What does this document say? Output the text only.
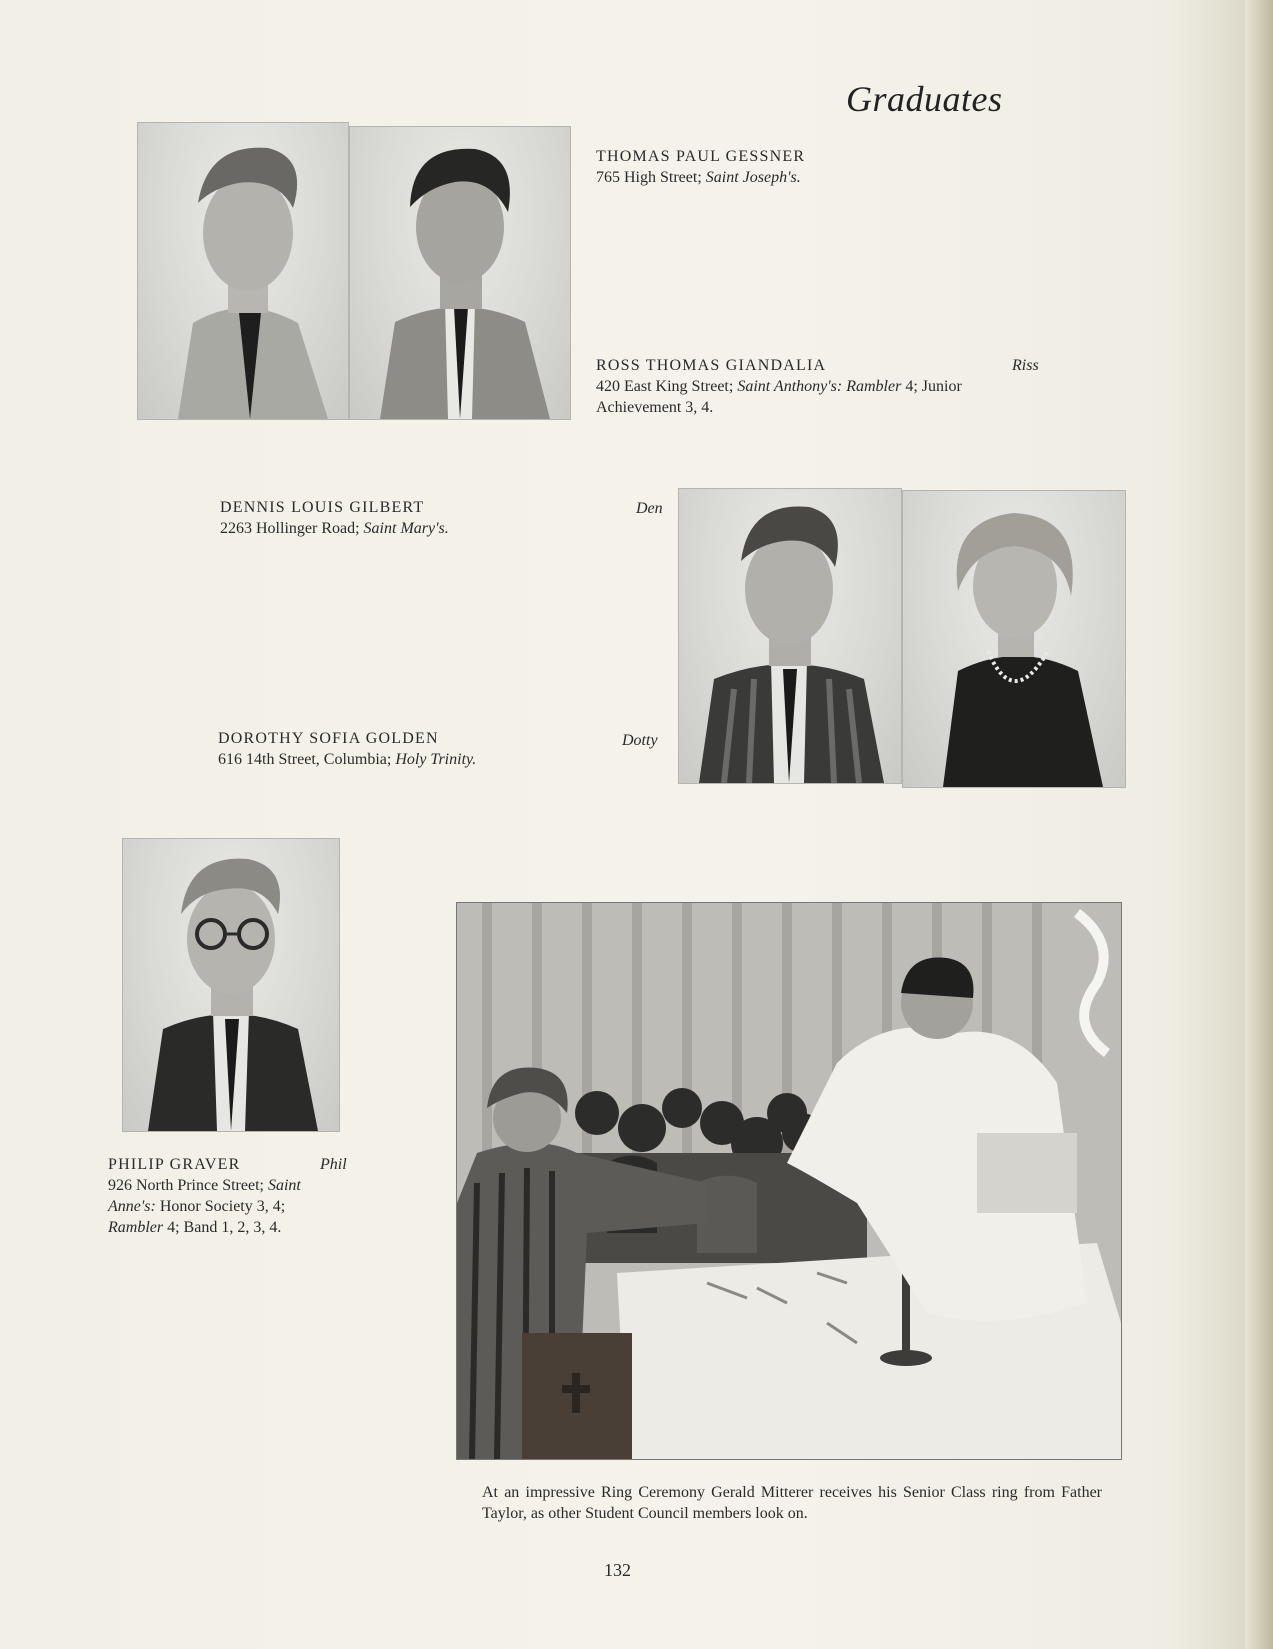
Graduates
THOMAS PAUL GESSNER
765 High Street; Saint Joseph's.
ROSS THOMAS GIANDALIA
420 East King Street; Saint Anthony's: Rambler 4; Junior
Achievement 3, 4.
Riss
DENNIS LOUIS GILBERT
2263 Hollinger Road; Saint Mary's.
Den
DOROTHY SOFIA GOLDEN
616 14th Street, Columbia; Holy Trinity.
Dotty
PHILIP GRAVER
926 North Prince Street; Saint
Anne's: Honor Society 3, 4;
Rambler 4; Band 1, 2, 3, 4.
Phil
At an impressive Ring Ceremony Gerald Mitterer receives his Senior Class ring from Father Taylor, as other Student Council members look on.
132
